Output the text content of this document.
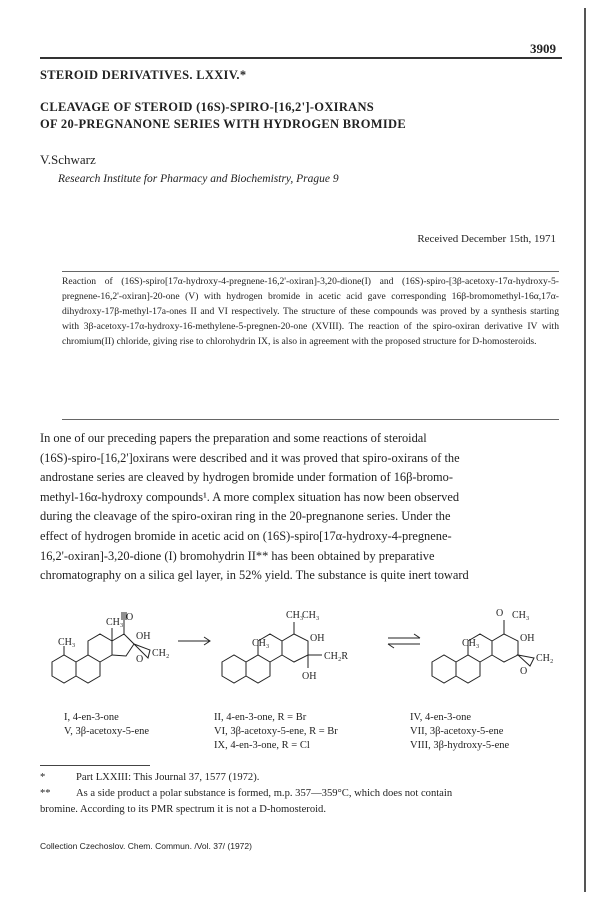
3909
STEROID DERIVATIVES. LXXIV.*
CLEAVAGE OF STEROID (16S)-SPIRO-[16,2']-OXIRANS
OF 20-PREGNANONE SERIES WITH HYDROGEN BROMIDE
V.Schwarz
Research Institute for Pharmacy and Biochemistry, Prague 9
Received December 15th, 1971
Reaction of (16S)-spiro[17α-hydroxy-4-pregnene-16,2'-oxiran]-3,20-dione(I) and (16S)-spiro-[3β-acetoxy-17α-hydroxy-5-pregnene-16,2'-oxiran]-20-one (V) with hydrogen bromide in acetic acid gave corresponding 16β-bromomethyl-16α,17α-dihydroxy-17β-methyl-17a-ones II and VI respectively. The structure of these compounds was proved by a synthesis starting with 3β-acetoxy-17α-hydroxy-16-methylene-5-pregnen-20-one (XVIII). The reaction of the spiro-oxiran derivative IV with chromium(II) chloride, giving rise to chlorohydrin IX, is also in agreement with the proposed structure for D-homosteroids.
In one of our preceding papers the preparation and some reactions of steroidal
(16S)-spiro-[16,2']oxirans were described and it was proved that spiro-oxirans of the
androstane series are cleaved by hydrogen bromide under formation of 16β-bromo-
methyl-16α-hydroxy compounds¹. A more complex situation has now been observed
during the cleavage of the spiro-oxiran ring in the 20-pregnanone series. Under the
effect of hydrogen bromide in acetic acid on (16S)-spiro[17α-hydroxy-4-pregnene-
16,2'-oxiran]-3,20-dione (I) bromohydrin II** has been obtained by preparative
chromatography on a silica gel layer, in 52% yield. The substance is quite inert toward
CH₃ O
OH
CH₂
O
CH₃
CH₃
CH₃
OH
CH₂R
OH
CH₃
O CH₃
OH
CH₂
O
CH₃
I, 4-en-3-one
V, 3β-acetoxy-5-ene
II, 4-en-3-one, R = Br
VI, 3β-acetoxy-5-ene, R = Br
IX, 4-en-3-one, R = Cl
IV, 4-en-3-one
VII, 3β-acetoxy-5-ene
VIII, 3β-hydroxy-5-ene
*	Part LXXIII: This Journal 37, 1577 (1972).
**	As a side product a polar substance is formed, m.p. 357—359°C, which does not contain
bromine. According to its PMR spectrum it is not a D-homosteroid.
Collection Czechoslov. Chem. Commun. /Vol. 37/ (1972)
